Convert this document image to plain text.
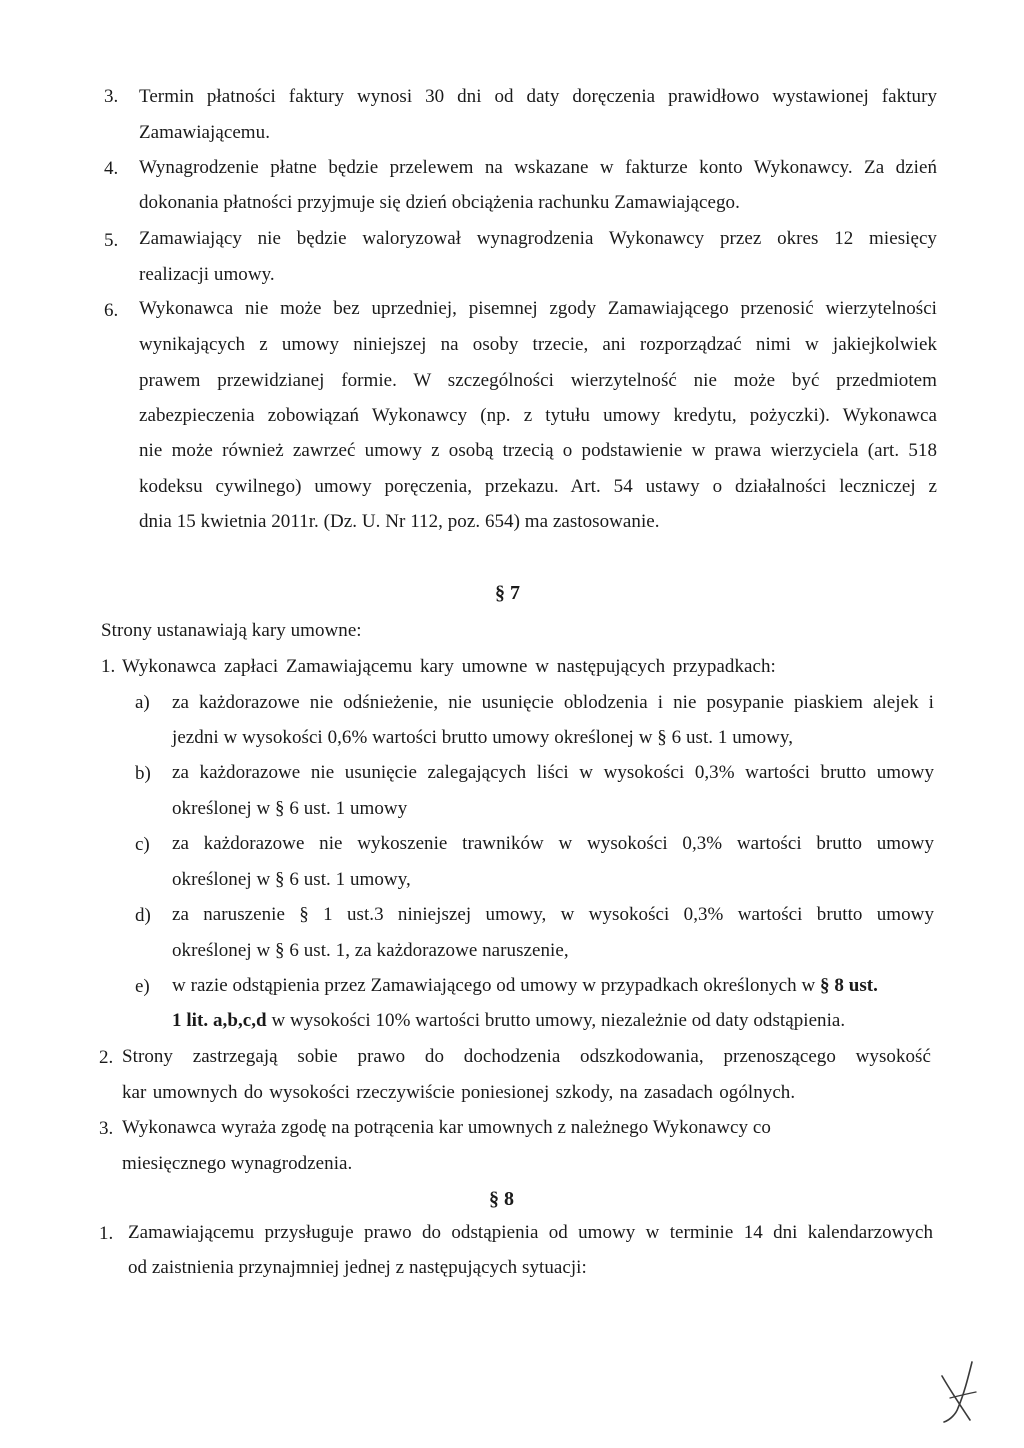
3. Termin płatności faktury wynosi 30 dni od daty doręczenia prawidłowo wystawionej faktury
Zamawiającemu.
4. Wynagrodzenie płatne będzie przelewem na wskazane w fakturze konto Wykonawcy. Za dzień
dokonania płatności przyjmuje się dzień obciążenia rachunku Zamawiającego.
5. Zamawiający nie będzie waloryzował wynagrodzenia Wykonawcy przez okres 12 miesięcy
realizacji umowy.
6. Wykonawca nie może bez uprzedniej, pisemnej zgody Zamawiającego przenosić wierzytelności
wynikających z umowy niniejszej na osoby trzecie, ani rozporządzać nimi w jakiejkolwiek
prawem przewidzianej formie. W szczególności wierzytelność nie może być przedmiotem
zabezpieczenia zobowiązań Wykonawcy (np. z tytułu umowy kredytu, pożyczki). Wykonawca
nie może również zawrzeć umowy z osobą trzecią o podstawienie w prawa wierzyciela (art. 518
kodeksu cywilnego) umowy poręczenia, przekazu. Art. 54 ustawy o działalności leczniczej z
dnia 15 kwietnia 2011r. (Dz. U. Nr 112, poz. 654) ma zastosowanie.
§ 7
Strony ustanawiają kary umowne:
1. Wykonawca zapłaci Zamawiającemu kary umowne w następujących przypadkach:
a) za każdorazowe nie odśnieżenie, nie usunięcie oblodzenia i nie posypanie piaskiem alejek i
jezdni w wysokości 0,6% wartości brutto umowy określonej w § 6 ust. 1 umowy,
b) za każdorazowe nie usunięcie zalegających liści w wysokości 0,3% wartości brutto umowy
określonej w § 6 ust. 1 umowy
c) za każdorazowe nie wykoszenie trawników w wysokości 0,3% wartości brutto umowy
określonej w § 6 ust. 1 umowy,
d) za naruszenie § 1 ust.3 niniejszej umowy, w wysokości 0,3% wartości brutto umowy
określonej w § 6 ust. 1, za każdorazowe naruszenie,
e) w razie odstąpienia przez Zamawiającego od umowy w przypadkach określonych w § 8 ust.
1 lit. a,b,c,d w wysokości 10% wartości brutto umowy, niezależnie od daty odstąpienia.
2. Strony zastrzegają sobie prawo do dochodzenia odszkodowania, przenoszącego wysokość
kar umownych do wysokości rzeczywiście poniesionej szkody, na zasadach ogólnych.
3. Wykonawca wyraża zgodę na potrącenia kar umownych z należnego Wykonawcy co
miesięcznego wynagrodzenia.
§ 8
1. Zamawiającemu przysługuje prawo do odstąpienia od umowy w terminie 14 dni kalendarzowych
od zaistnienia przynajmniej jednej z następujących sytuacji:
